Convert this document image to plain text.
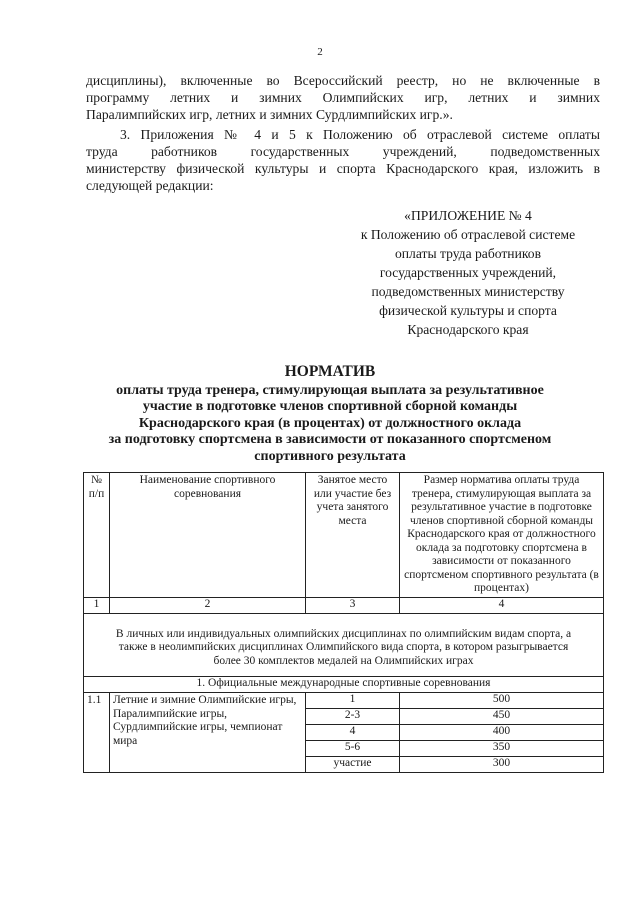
2
дисциплины), включенные во Всероссийский реестр, но не включенные в
программу летних и зимних Олимпийских игр, летних и зимних
Паралимпийских игр, летних и зимних Сурдлимпийских игр.».
3. Приложения № 4 и 5 к Положению об отраслевой системе оплаты
труда работников государственных учреждений, подведомственных
министерству физической культуры и спорта Краснодарского края, изложить в
следующей редакции:
«ПРИЛОЖЕНИЕ № 4
к Положению об отраслевой системе
оплаты труда работников
государственных учреждений,
подведомственных министерству
физической культуры и спорта
Краснодарского края
НОРМАТИВ
оплаты труда тренера, стимулирующая выплата за результативное
участие в подготовке членов спортивной сборной команды
Краснодарского края (в процентах) от должностного оклада
за подготовку спортсмена в зависимости от показанного спортсменом
спортивного результата
№ п/п	Наименование спортивного соревнования	Занятое место или участие без учета занятого места	Размер норматива оплаты труда тренера, стимулирующая выплата за результативное участие в подготовке членов спортивной сборной команды Краснодарского края от должностного оклада за подготовку спортсмена в зависимости от показанного спортсменом спортивного результата (в процентах)
1	2	3	4
В личных или индивидуальных олимпийских дисциплинах по олимпийским видам спорта, а также в неолимпийских дисциплинах Олимпийского вида спорта, в котором разыгрывается более 30 комплектов медалей на Олимпийских играх			
1. Официальные международные спортивные соревнования			
1.1	Летние и зимние Олимпийские игры, Паралимпийские игры, Сурдлимпийские игры, чемпионат мира	1	500
		2-3	450
		4	400
		5-6	350
		участие	300
